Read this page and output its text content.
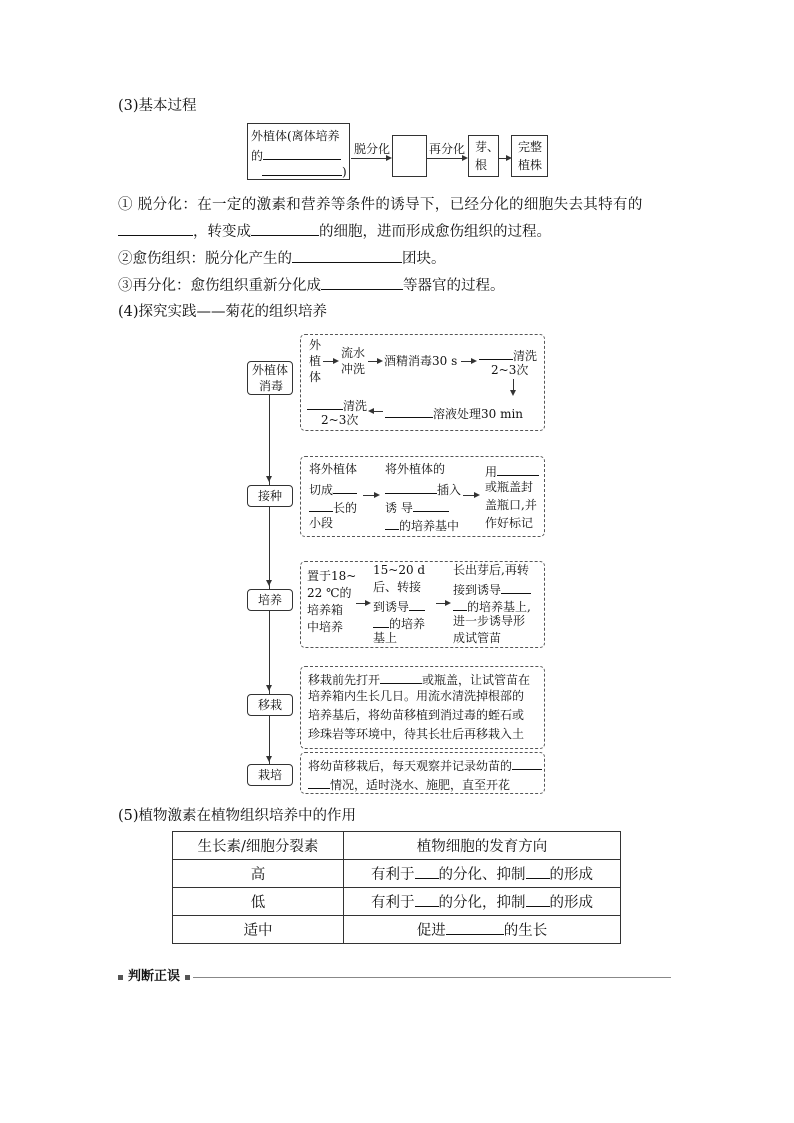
(3)基本过程
外植体(离体培养
的
)
脱分化	再分化 芽、
根
完整
植株
① 脱分化：在一定的激素和营养等条件的诱导下，已经分化的细胞失去其特有的
，转变成	的细胞，进而形成愈伤组织的过程。
②愈伤组织：脱分化产生的	团块。
③再分化：愈伤组织重新分化成	等器官的过程。
(4)探究实践——菊花的组织培养
外植体
消毒
接种
培养
移栽
栽培
外
植
体
流水
冲洗
酒精消毒30 s	清洗
2~3次
溶液处理30 min
清洗
2~3次
将外植体
切成
长的
小段
将外植体的
插入
诱 导
的培养基中
用
或瓶盖封
盖瓶口,并
作好标记
置于18~
22 ℃的
培养箱
中培养
15~20 d
后、转接
到诱导
的培养
基上
长出芽后,再转
接到诱导
的培养基上,
进一步诱导形
成试管苗
移栽前先打开	或瓶盖，让试管苗在
培养箱内生长几日。用流水清洗掉根部的
培养基后，将幼苗移植到消过毒的蛭石或
珍珠岩等环境中，待其长壮后再移栽入土
将幼苗移栽后，每天观察并记录幼苗的
情况，适时浇水、施肥，直至开花
(5)植物激素在植物组织培养中的作用
生长素/细胞分裂素	植物细胞的发育方向
高	有利于 的分化、抑制 的形成
低	有利于 的分化，抑制 的形成
适中	促进 的生长
判断正误
